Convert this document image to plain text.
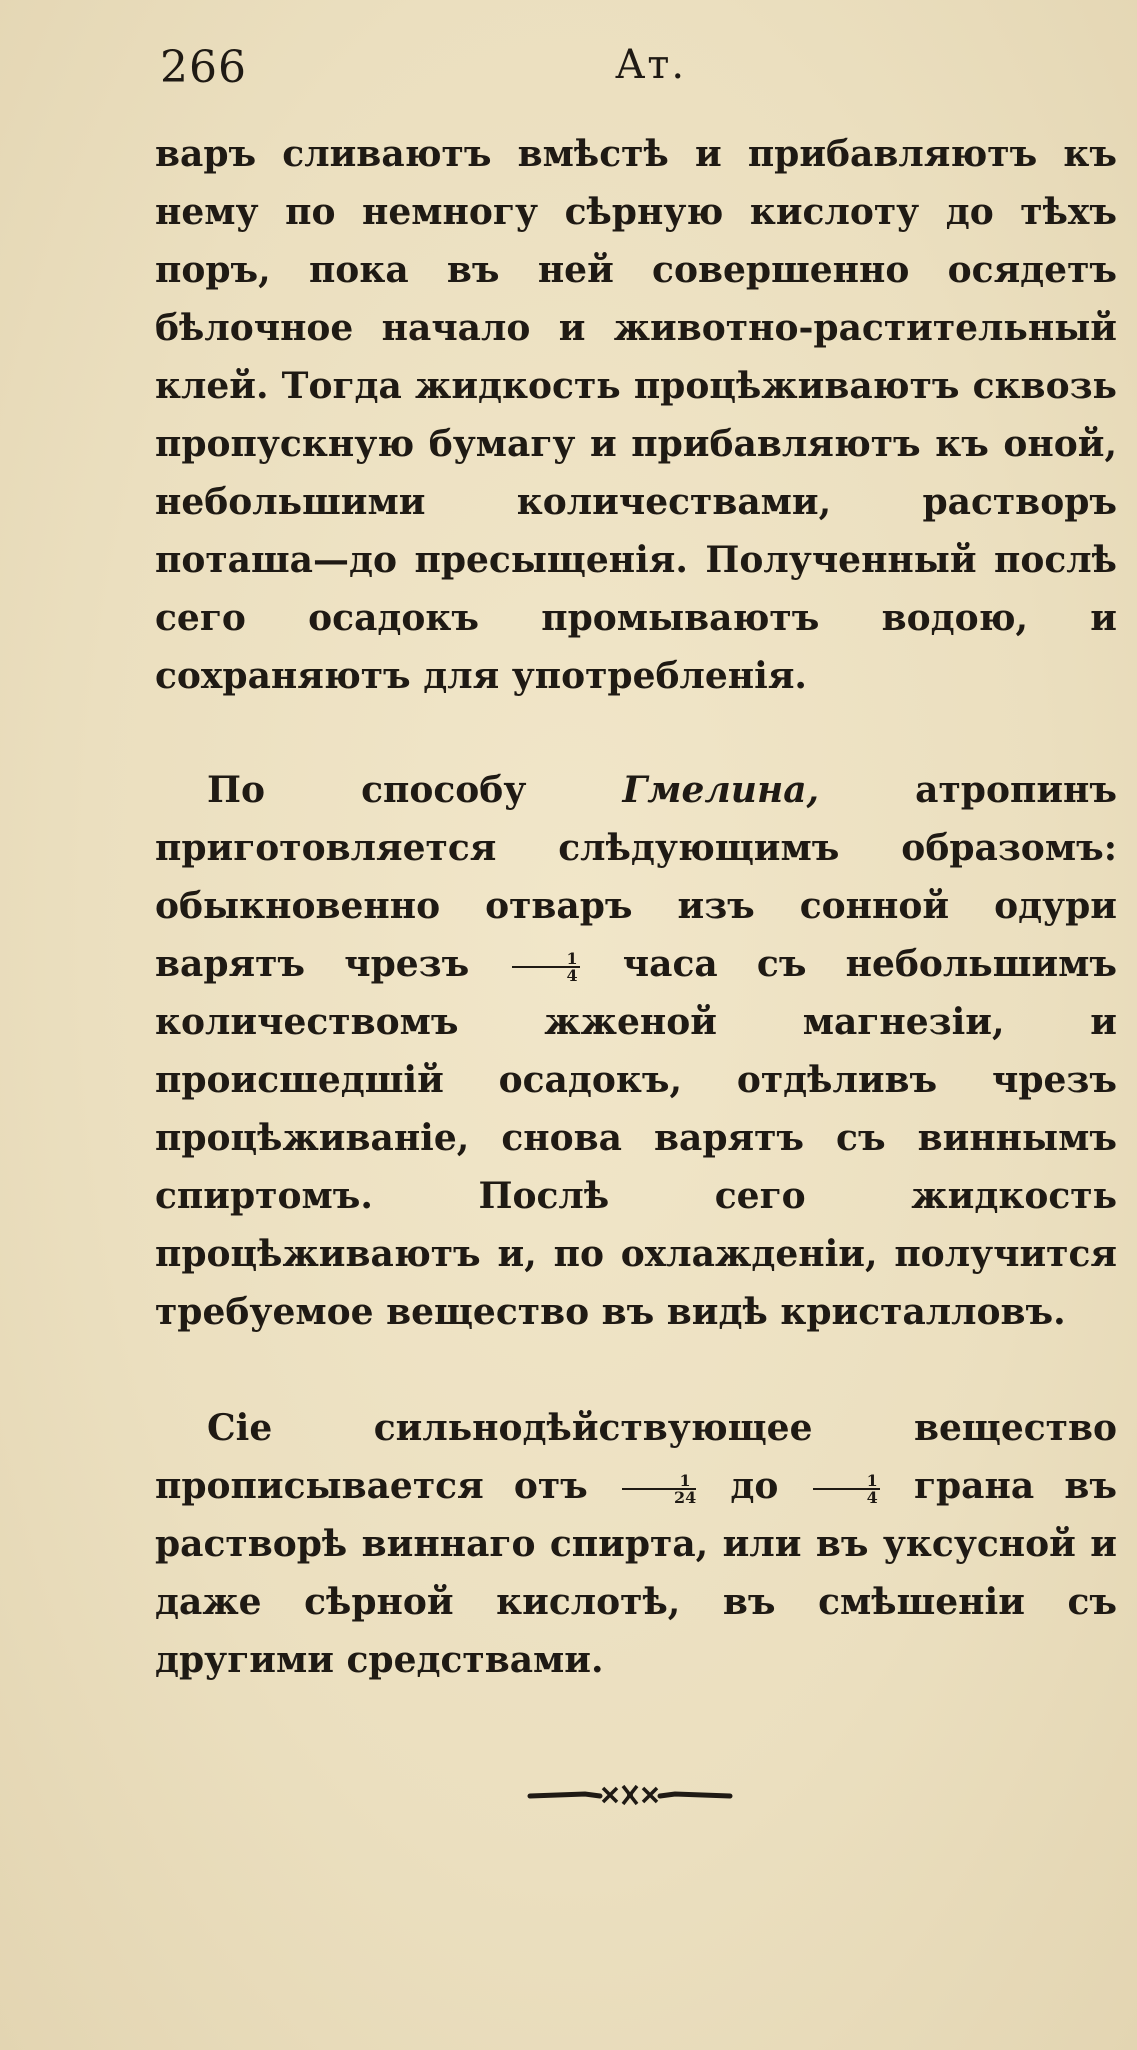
266	Ат.

варъ сливаютъ вмѣстѣ и прибавляютъ къ нему по немногу сѣрную кислоту до тѣхъ поръ, пока въ ней совершенно осядетъ бѣлочное начало и животно-растительный клей. Тогда жидкость процѣживаютъ сквозь пропускную бумагу и прибавляютъ къ оной, небольшими количествами, растворъ поташа—до пресыщенія. Полученный послѣ сего осадокъ промываютъ водою, и сохраняютъ для употребленія.

По способу Гмелина, атропинъ приготовляется слѣдующимъ образомъ: обыкновенно отваръ изъ сонной одури варятъ чрезъ	$\frac{1}{4}$ часа съ небольшимъ количествомъ жженой магнезіи, и происшедшій осадокъ, отдѣливъ чрезъ процѣживаніе, снова варятъ съ виннымъ спиртомъ. Послѣ сего жидкость процѣживаютъ и, по охлажденіи, получится требуемое вещество въ видѣ кристалловъ.

Сіе сильнодѣйствующее вещество прописывается отъ $\frac{1}{24}$ до $\frac{1}{4}$ грана въ растворѣ виннаго спирта, или въ уксусной и даже сѣрной кислотѣ, въ смѣшеніи съ другими средствами.
